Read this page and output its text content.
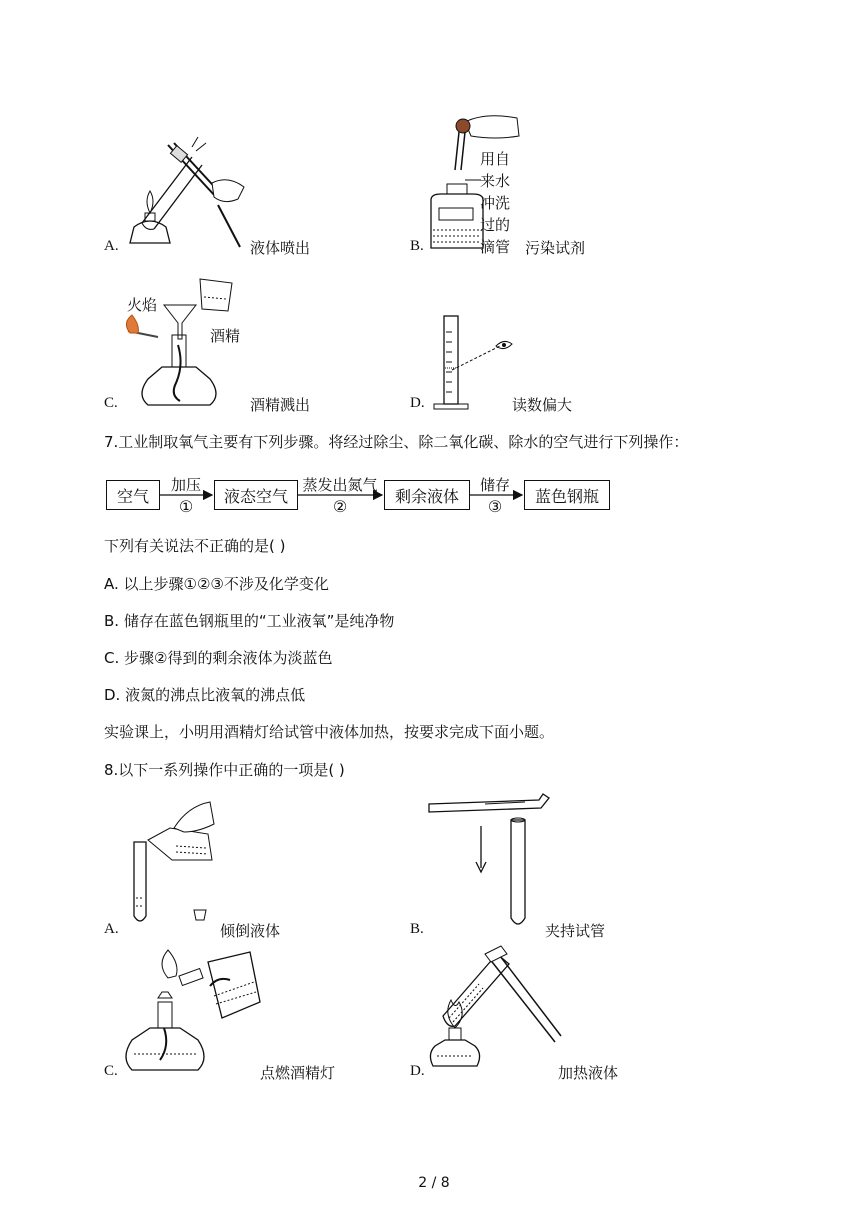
A.	液体喷出
用自
来水
冲洗
过的
滴管
B.	污染试剂
火焰
酒精
C.	酒精溅出	D.	读数偏大
7.工业制取氧气主要有下列步骤。将经过除尘、除二氧化碳、除水的空气进行下列操作：
空气	液态空气	剩余液体	蓝色钢瓶
加压
①
蒸发出氮气
②
储存
③
下列有关说法不正确的是( )
A. 以上步骤①②③不涉及化学变化
B. 储存在蓝色钢瓶里的“工业液氧”是纯净物
C. 步骤②得到的剩余液体为淡蓝色
D. 液氮的沸点比液氧的沸点低
实验课上，小明用酒精灯给试管中液体加热，按要求完成下面小题。
8.以下一系列操作中正确的一项是( )
A.	倾倒液体	B.	夹持试管
C.	点燃酒精灯	D.	加热液体
2 / 8
